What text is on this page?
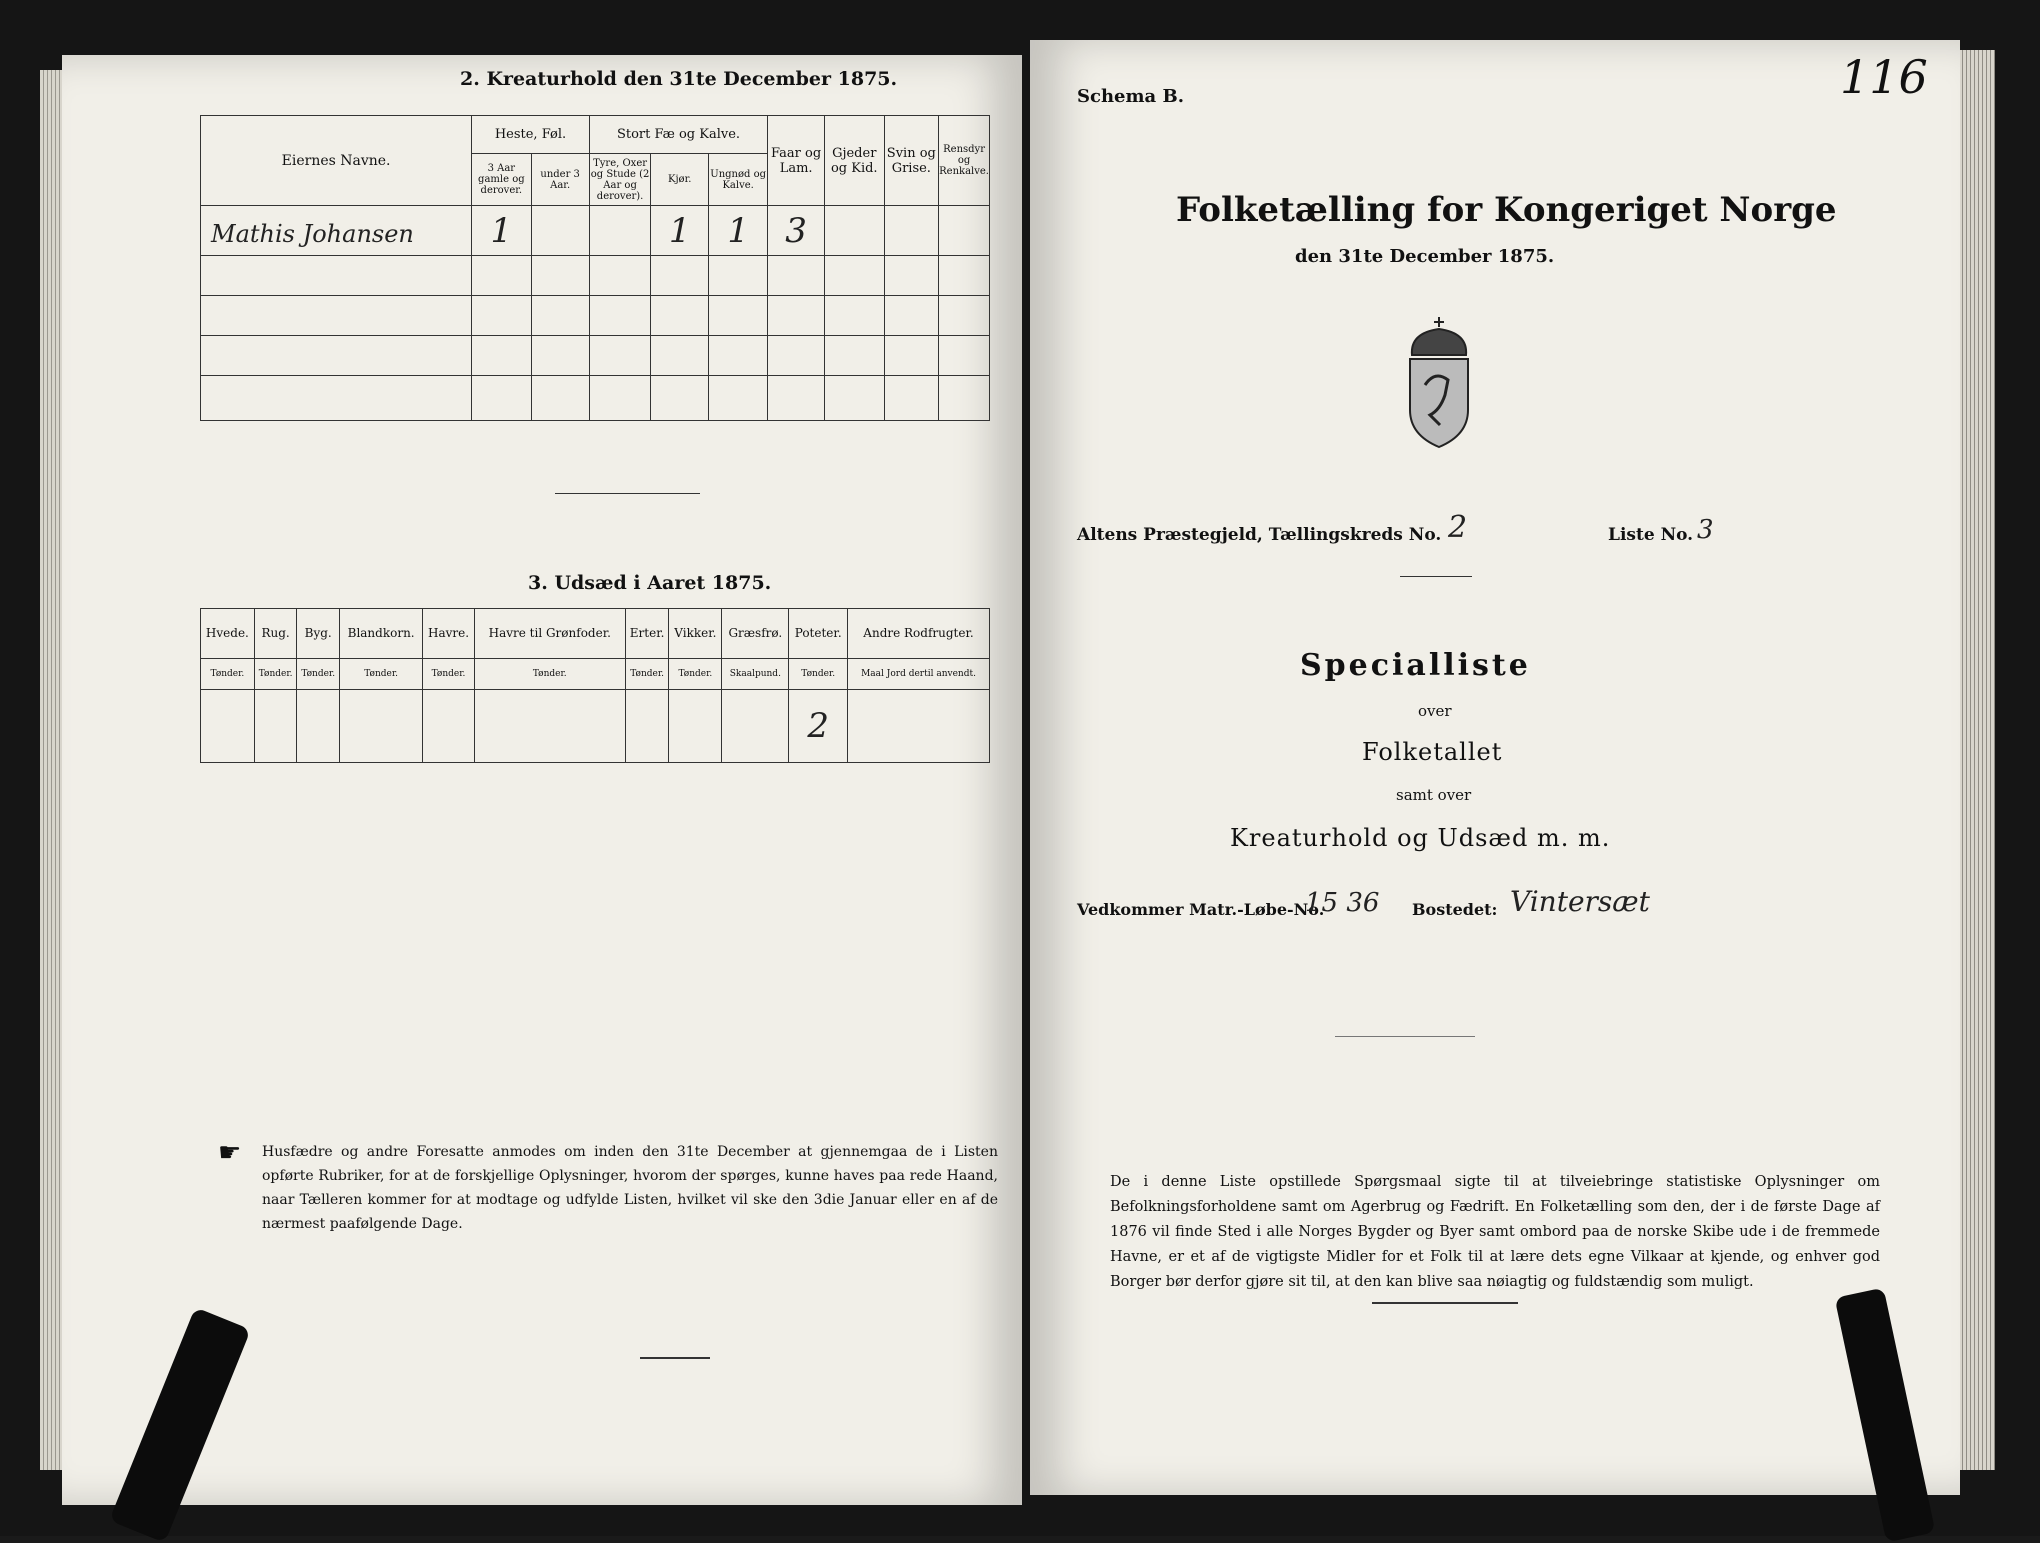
2. Kreaturhold den 31te December 1875.
Eiernes Navne.	Heste, Føl.		Stort Fæ og Kalve.			Faar og Lam.	Gjeder og Kid.	Svin og Grise.	Rensdyr og Renkalve.
	3 Aar gamle og derover.	under 3 Aar.	Tyre, Oxer og Stude (2 Aar og derover).	Kjør.	Ungnød og Kalve.				
Mathis Johansen	1			1	1	3			

3. Udsæd i Aaret 1875.
Hvede.	Rug.	Byg.	Blandkorn.	Havre.	Havre til Grønfoder.	Erter.	Vikker.	Græsfrø.	Poteter.	Andre Rodfrugter.
Tønder.	Tønder.	Tønder.	Tønder.	Tønder.	Tønder.	Tønder.	Tønder.	Skaalpund.	Tønder.	Maal Jord dertil anvendt.
									2	
☛ Husfædre og andre Foresatte anmodes om inden den 31te December at gjennemgaa de i Listen opførte Rubriker, for at de forskjellige Oplysninger, hvorom der spørges, kunne haves paa rede Haand, naar Tælleren kommer for at modtage og udfylde Listen, hvilket vil ske den 3die Januar eller en af de nærmest paafølgende Dage.
116
Schema B.
Folketælling for Kongeriget Norge
den 31te December 1875.
Altens Præstegjeld, Tællingskreds No. 2	Liste No. 3
Specialliste
over
Folketallet
samt over
Kreaturhold og Udsæd m. m.
Vedkommer Matr.-Løbe-No.
15 36 Bostedet: Vintersæt
De i denne Liste opstillede Spørgsmaal sigte til at tilveiebringe statistiske Oplysninger om Befolkningsforholdene samt om Agerbrug og Fædrift. En Folketælling som den, der i de første Dage af 1876 vil finde Sted i alle Norges Bygder og Byer samt ombord paa de norske Skibe ude i de fremmede Havne, er et af de vigtigste Midler for et Folk til at lære dets egne Vilkaar at kjende, og enhver god Borger bør derfor gjøre sit til, at den kan blive saa nøiagtig og fuldstændig som muligt.
